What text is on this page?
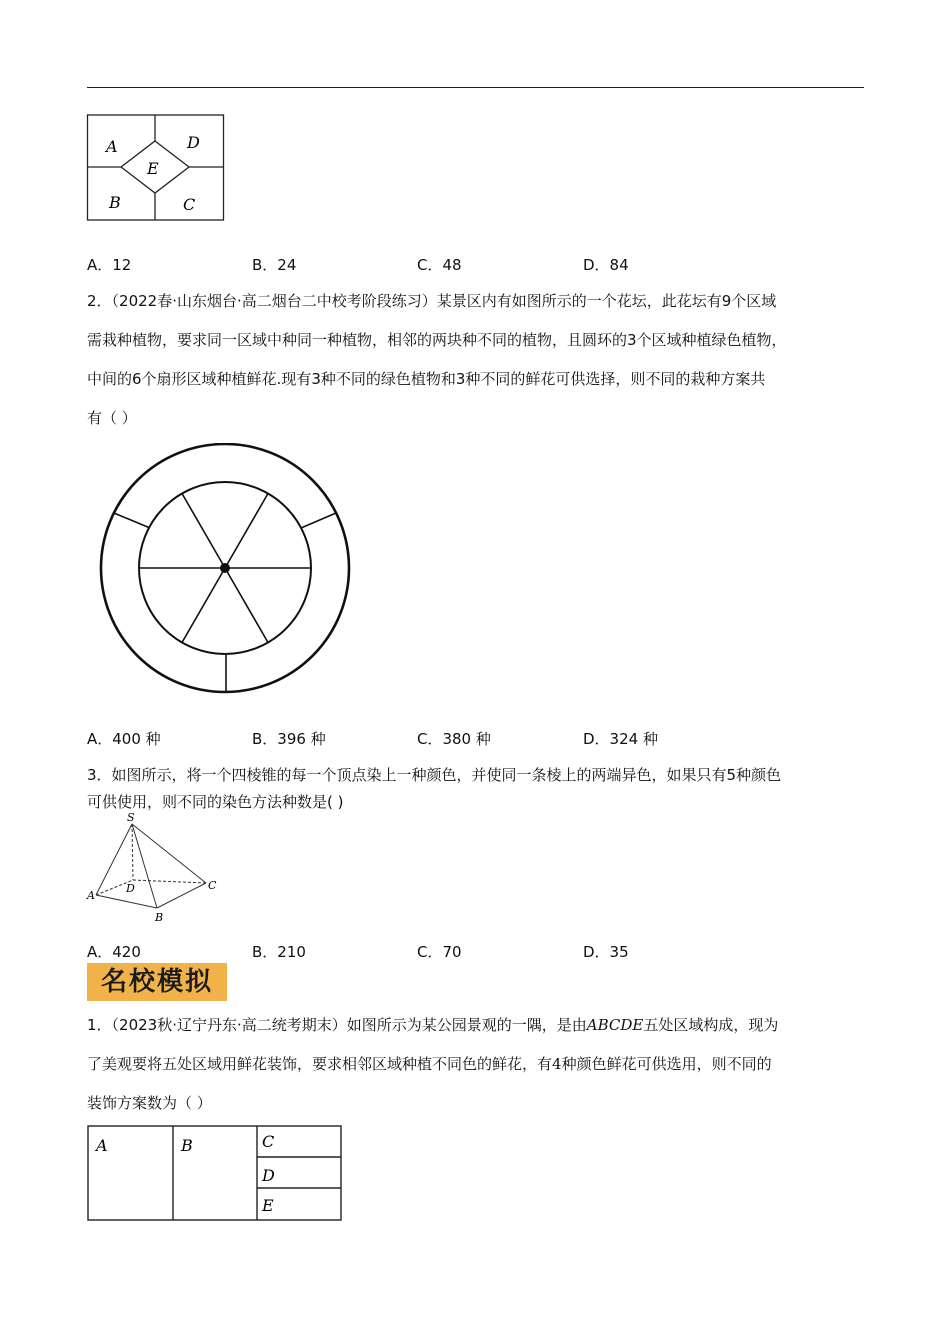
A	D
E
B	C
A．12	B．24	C．48	D．84
2．（2022春·山东烟台·高二烟台二中校考阶段练习）某景区内有如图所示的一个花坛，此花坛有9个区域
需栽种植物，要求同一区域中种同一种植物，相邻的两块种不同的植物，且圆环的3个区域种植绿色植物，
中间的6个扇形区域种植鲜花.现有3种不同的绿色植物和3种不同的鲜花可供选择，则不同的栽种方案共
有（ ）
A．400 种	B．396 种	C．380 种	D．324 种
3．如图所示，将一个四棱锥的每一个顶点染上一种颜色，并使同一条棱上的两端异色，如果只有5种颜色
可供使用，则不同的染色方法种数是( )
S
A
B
C
D
A．420	B．210	C．70	D．35
名校模拟
1．（2023秋·辽宁丹东·高二统考期末）如图所示为某公园景观的一隅，是由ABCDE五处区域构成，现为
了美观要将五处区域用鲜花装饰，要求相邻区域种植不同色的鲜花，有4种颜色鲜花可供选用，则不同的
装饰方案数为（ ）
A	B	C
D
E
